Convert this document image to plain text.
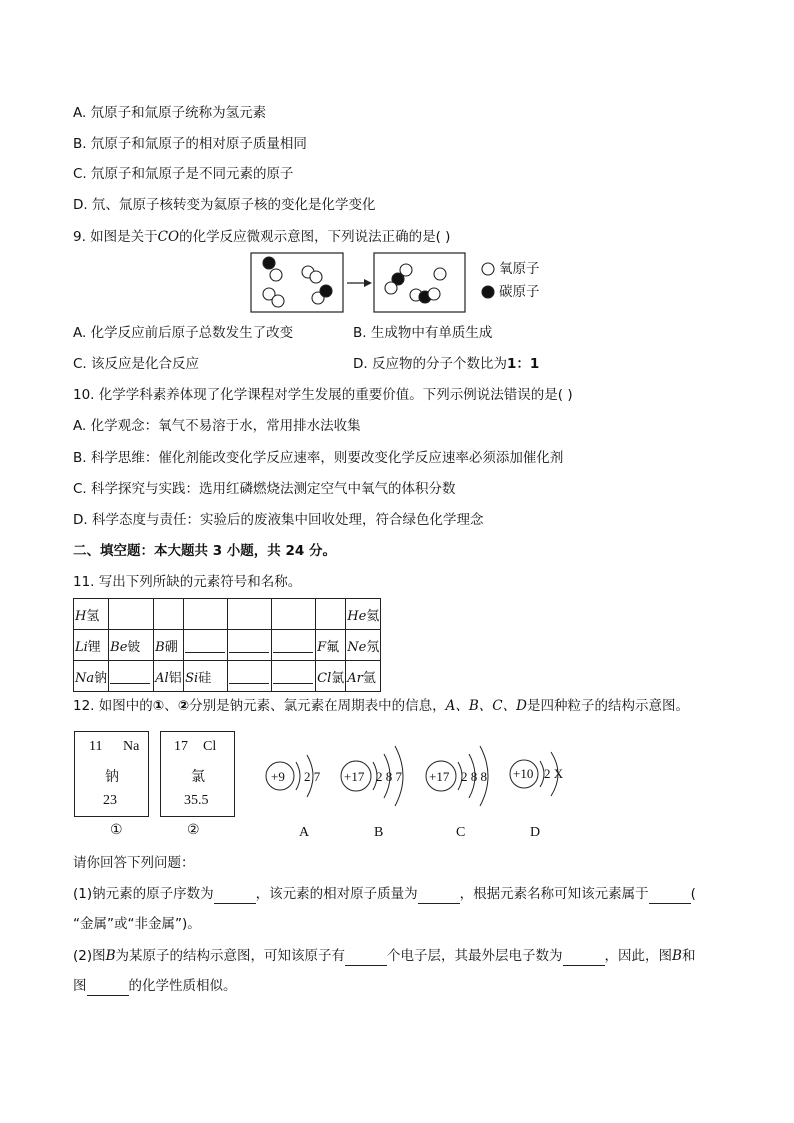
A. 氘原子和氚原子统称为氢元素
B. 氘原子和氚原子的相对原子质量相同
C. 氘原子和氚原子是不同元素的原子
D. 氘、氚原子核转变为氦原子核的变化是化学变化
9. 如图是关于CO的化学反应微观示意图，下列说法正确的是( )
氧原子
碳原子
A. 化学反应前后原子总数发生了改变	B. 生成物中有单质生成
C. 该反应是化合反应	D. 反应物的分子个数比为1：1
10. 化学学科素养体现了化学课程对学生发展的重要价值。下列示例说法错误的是( )
A. 化学观念：氧气不易溶于水，常用排水法收集
B. 科学思维：催化剂能改变化学反应速率，则要改变化学反应速率必须添加催化剂
C. 科学探究与实践：选用红磷燃烧法测定空气中氧气的体积分数
D. 科学态度与责任：实验后的废液集中回收处理，符合绿色化学理念
二、填空题：本大题共 3 小题，共 24 分。
11. 写出下列所缺的元素符号和名称。
H氢							He氦
Li锂	Be铍	B硼				F氟	Ne氖
Na钠		Al铝	Si硅			Cl氯	Ar氩
12. 如图中的①、②分别是钠元素、氯元素在周期表中的信息，A、B、C、D是四种粒子的结构示意图。
11 Na
钠
23
①
17 Cl
氯
35.5
②
+9 2 7
A
+17 2 8 7
B
+17 2 8 8
C
+10 2 X
D
请你回答下列问题：
(1)钠元素的原子序数为	，该元素的相对原子质量为	，根据元素名称可知该元素属于	(
“金属”或“非金属”)。
(2)图B为某原子的结构示意图，可知该原子有	个电子层，其最外层电子数为	，因此，图B和
图	的化学性质相似。
